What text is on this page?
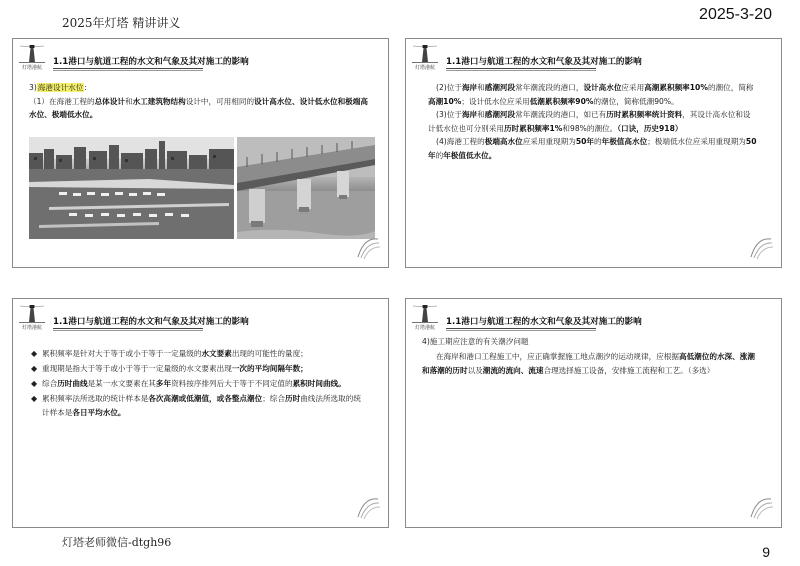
2025年灯塔 精讲讲义	2025-3-20
灯塔港航
1.1港口与航道工程的水文和气象及其对施工的影响
3)海港设计水位:
（1）在海港工程的总体设计和水工建筑物结构设计中，可用相同的设计高水位、设计低水位和极端高水位、极端低水位。
灯塔港航
1.1港口与航道工程的水文和气象及其对施工的影响
(2)位于海岸和感潮河段常年潮流段的港口，设计高水位应采用高潮累积频率10%的潮位，简称高潮10%；设计低水位应采用低潮累积频率90%的潮位，简称低潮90%。
(3)位于海岸和感潮河段常年潮流段的港口，如已有历时累积频率统计资料，其设计高水位和设计低水位也可分别采用历时累积频率1%和98%的潮位。（口诀，历史918）
(4)海港工程的极端高水位应采用重现期为50年的年极值高水位；极端低水位应采用重现期为50年的年极值低水位。
灯塔港航
1.1港口与航道工程的水文和气象及其对施工的影响
◆ 累积频率是针对大于等于或小于等于一定量级的水文要素出现的可能性的量度；
◆ 重现期是指大于等于或小于等于一定量级的水文要素出现一次的平均间隔年数；
◆ 综合历时曲线是某一水文要素在其多年资料按序排列后大于等于不同定值的累积时间曲线。
◆ 累积频率法所选取的统计样本是各次高潮或低潮值，或各整点潮位；综合历时曲线法所选取的统计样本是各日平均水位。
灯塔港航
1.1港口与航道工程的水文和气象及其对施工的影响
4)施工期应注意的有关潮汐问题
在海岸和港口工程施工中，应正确掌握施工地点潮汐的运动规律，应根据高低潮位的水深、涨潮和落潮的历时以及潮流的流向、流速合理选择施工设备，安排施工流程和工艺。（多选）
灯塔老师微信-dtgh96
9
